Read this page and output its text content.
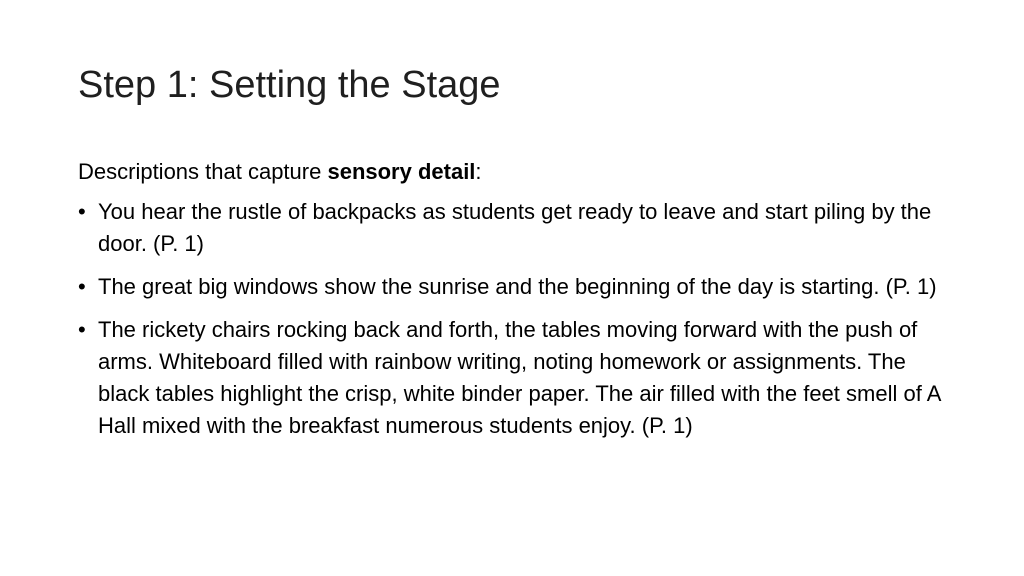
Step 1: Setting the Stage

Descriptions that capture sensory detail:

• You hear the rustle of backpacks as students get ready to leave and start piling by the door. (P. 1)
• The great big windows show the sunrise and the beginning of the day is starting. (P. 1)
• The rickety chairs rocking back and forth, the tables moving forward with the push of arms. Whiteboard filled with rainbow writing, noting homework or assignments. The black tables highlight the crisp, white binder paper. The air filled with the feet smell of A Hall mixed with the breakfast numerous students enjoy. (P. 1)
